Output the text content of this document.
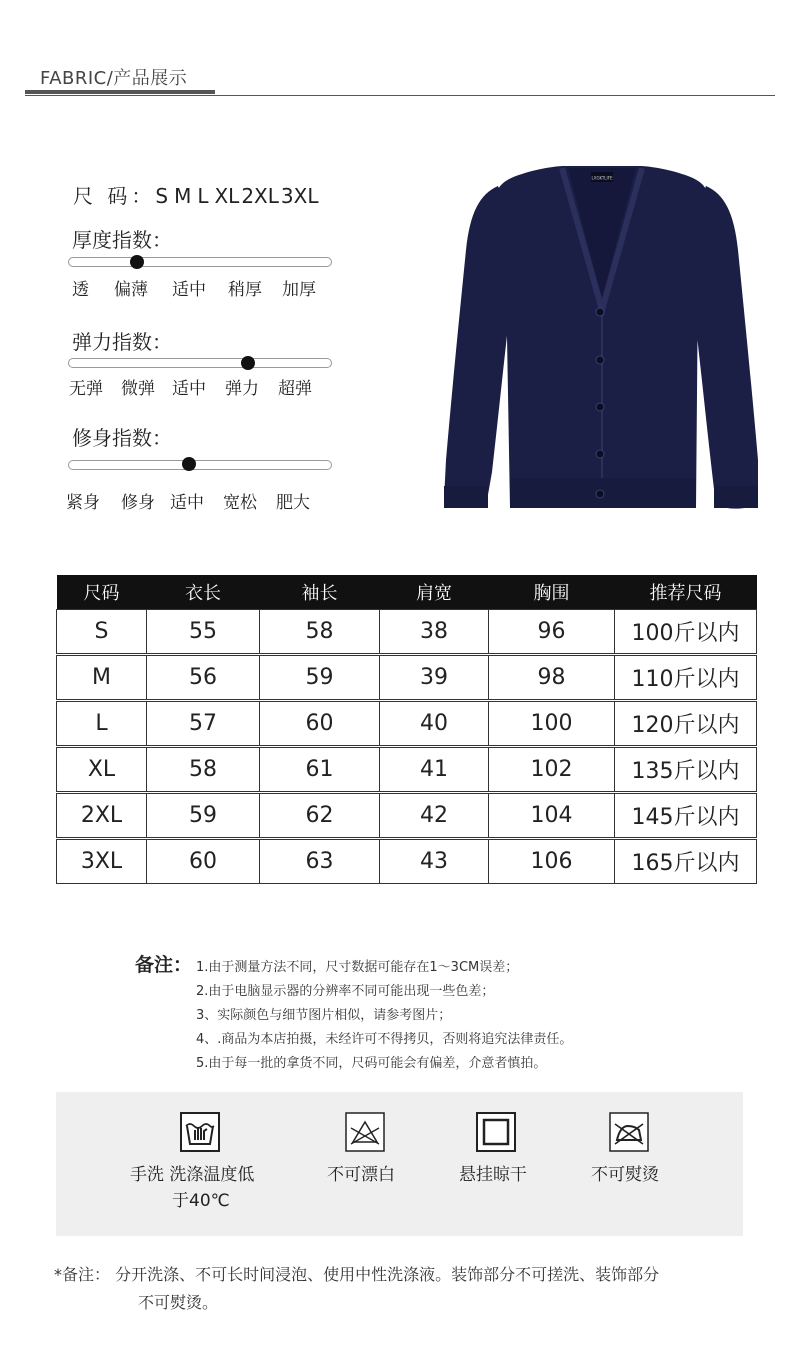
FABRIC/产品展示
尺 码：S M L XL 2XL 3XL
厚度指数：
透 偏薄 适中 稍厚 加厚
弹力指数：
无弹 微弹 适中 弹力 超弹
修身指数：
紧身 修身 适中 宽松 肥大
LXGKTLIFE
尺码	衣长	袖长	肩宽	胸围	推荐尺码
S	55	58	38	96	100斤以内
M	56	59	39	98	110斤以内
L	57	60	40	100	120斤以内
XL	58	61	41	102	135斤以内
2XL	59	62	42	104	145斤以内
3XL	60	63	43	106	165斤以内
备注： 1.由于测量方法不同，尺寸数据可能存在1～3CM误差；
2.由于电脑显示器的分辨率不同可能出现一些色差；
3、实际颜色与细节图片相似，请参考图片；
4、.商品为本店拍摄，未经许可不得拷贝，否则将追究法律责任。
5.由于每一批的拿货不同，尺码可能会有偏差，介意者慎拍。
手洗 洗涤温度低
于40℃
不可漂白	悬挂晾干	不可熨烫
*备注： 分开洗涤、不可长时间浸泡、使用中性洗涤液。装饰部分不可搓洗、装饰部分
不可熨烫。
